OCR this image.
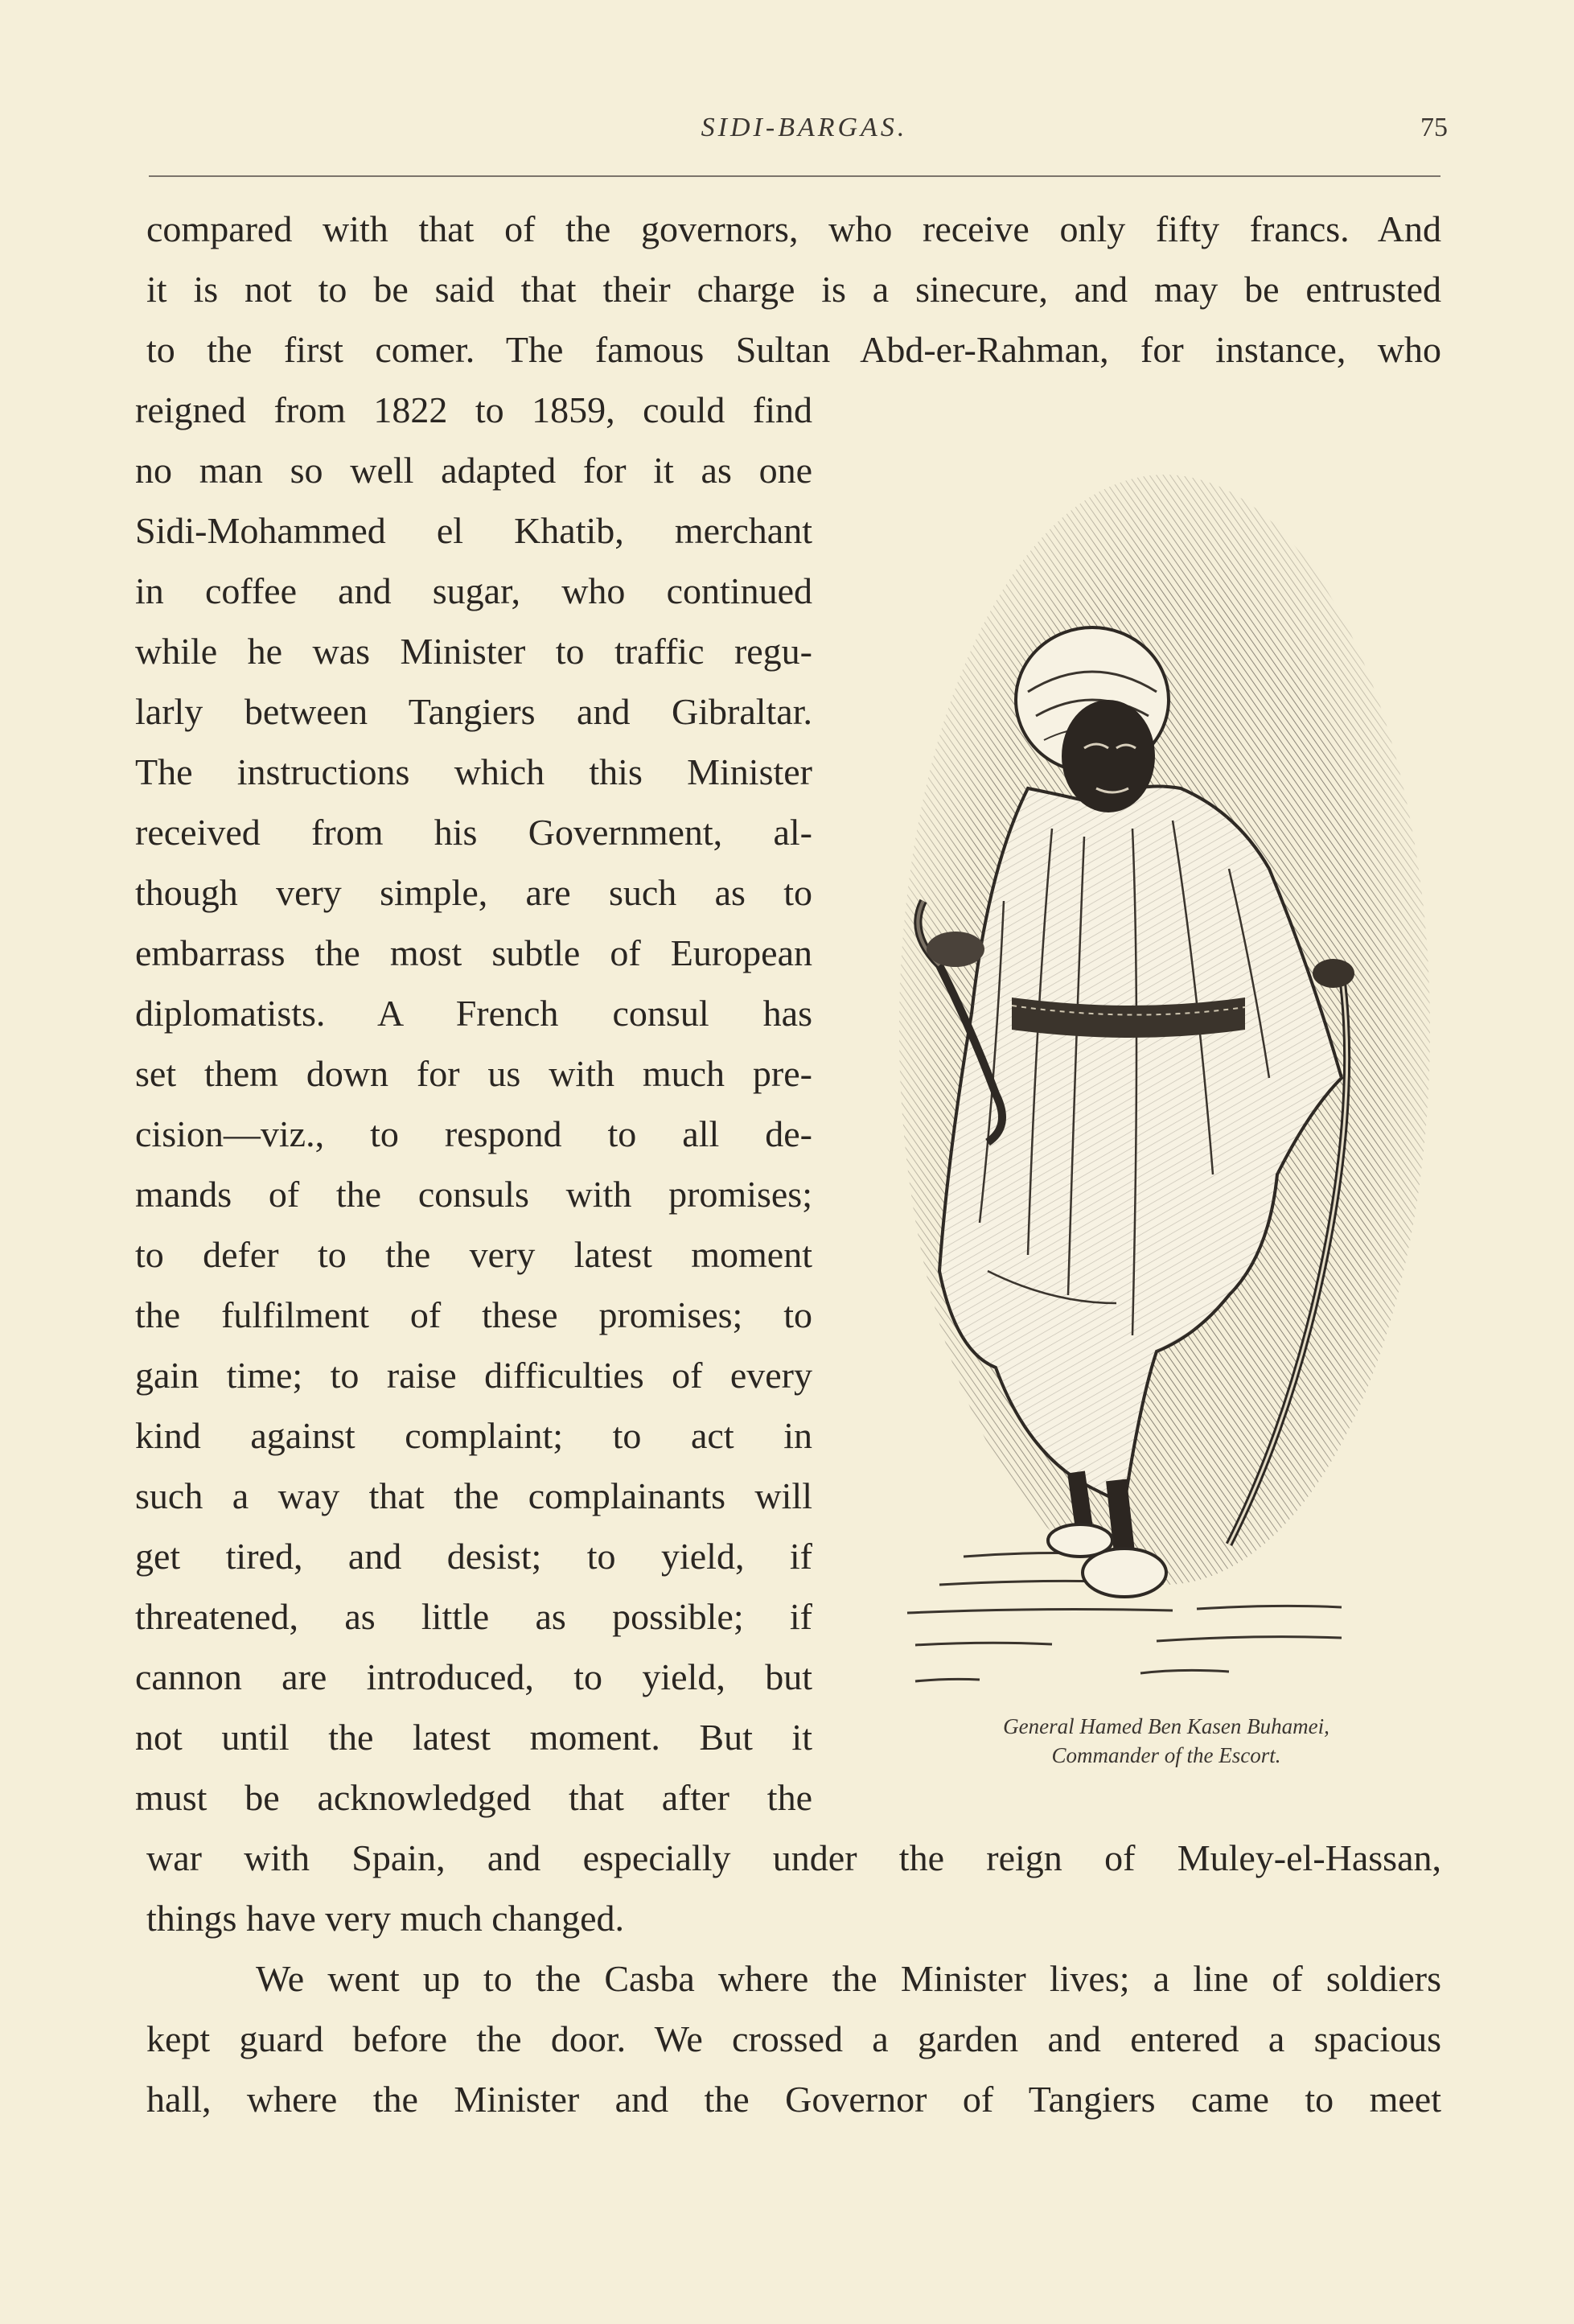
SIDI-BARGAS.	75
compared with that of the governors, who receive only fifty francs. And
it is not to be said that their charge is a sinecure, and may be entrusted
to the first comer. The famous Sultan Abd-er-Rahman, for instance, who
reigned from 1822 to 1859, could find
no man so well adapted for it as one
Sidi-Mohammed el Khatib, merchant
in coffee and sugar, who continued
while he was Minister to traffic regu-
larly between Tangiers and Gibraltar.
The instructions which this Minister
received from his Government, al-
though very simple, are such as to
embarrass the most subtle of European
diplomatists. A French consul has
set them down for us with much pre-
cision—viz., to respond to all de-
mands of the consuls with promises;
to defer to the very latest moment
the fulfilment of these promises; to
gain time; to raise difficulties of every
kind against complaint; to act in
such a way that the complainants will
get tired, and desist; to yield, if
threatened, as little as possible; if
cannon are introduced, to yield, but
not until the latest moment. But it
must be acknowledged that after the
war with Spain, and especially under the reign of Muley-el-Hassan,
things have very much changed.
We went up to the Casba where the Minister lives; a line of soldiers
kept guard before the door. We crossed a garden and entered a spacious
hall, where the Minister and the Governor of Tangiers came to meet
General Hamed Ben Kasen Buhamei,
Commander of the Escort.
